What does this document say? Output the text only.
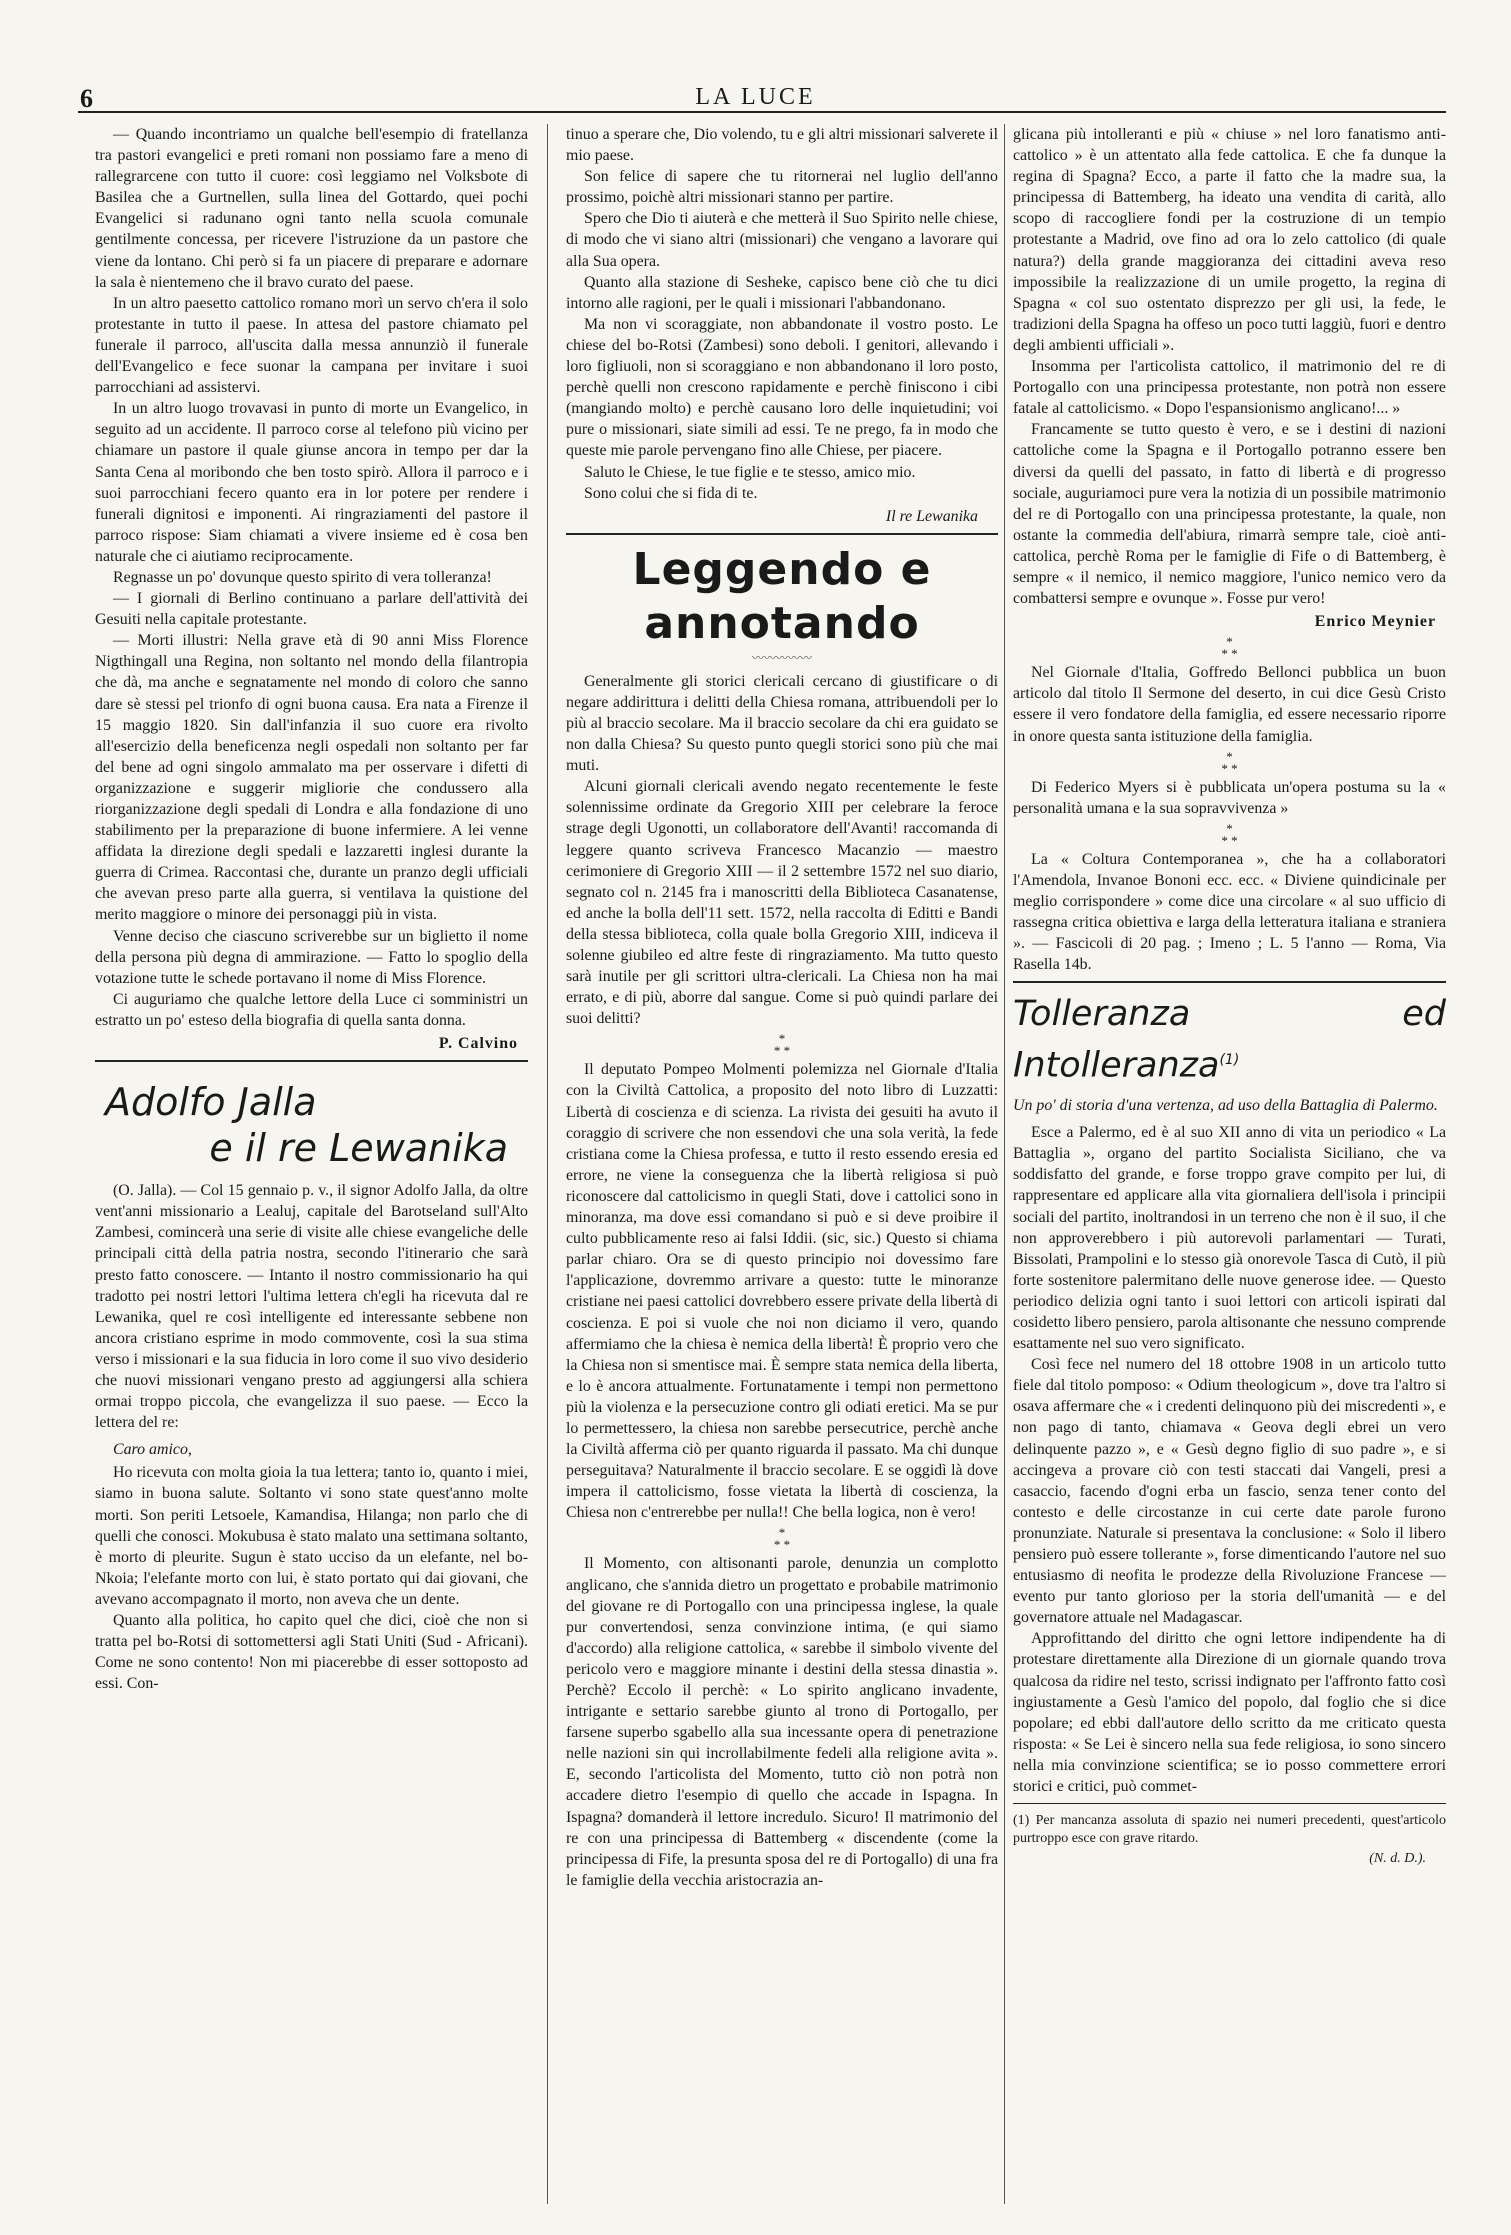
6	LA LUCE

— Quando incontriamo un qualche bell'esempio di fratellanza tra pastori evangelici e preti romani non possiamo fare a meno di rallegrarcene con tutto il cuore: così leggiamo nel Volksbote di Basilea che a Gurtnellen, sulla linea del Gottardo, quei pochi Evangelici si radunano ogni tanto nella scuola comunale gentilmente concessa, per ricevere l'istruzione da un pastore che viene da lontano. Chi però si fa un piacere di preparare e adornare la sala è nientemeno che il bravo curato del paese.

In un altro paesetto cattolico romano morì un servo ch'era il solo protestante in tutto il paese. In attesa del pastore chiamato pel funerale il parroco, all'uscita dalla messa annunziò il funerale dell'Evangelico e fece suonar la campana per invitare i suoi parrocchiani ad assistervi.

In un altro luogo trovavasi in punto di morte un Evangelico, in seguito ad un accidente. Il parroco corse al telefono più vicino per chiamare un pastore il quale giunse ancora in tempo per dar la Santa Cena al moribondo che ben tosto spirò. Allora il parroco e i suoi parrocchiani fecero quanto era in lor potere per rendere i funerali dignitosi e imponenti. Ai ringraziamenti del pastore il parroco rispose: Siam chiamati a vivere insieme ed è cosa ben naturale che ci aiutiamo reciprocamente.

Regnasse un po' dovunque questo spirito di vera tolleranza!

— I giornali di Berlino continuano a parlare dell'attività dei Gesuiti nella capitale protestante.

— Morti illustri: Nella grave età di 90 anni Miss Florence Nigthingall una Regina, non soltanto nel mondo della filantropia che dà, ma anche e segnatamente nel mondo di coloro che sanno dare sè stessi pel trionfo di ogni buona causa. Era nata a Firenze il 15 maggio 1820. Sin dall'infanzia il suo cuore era rivolto all'esercizio della beneficenza negli ospedali non soltanto per far del bene ad ogni singolo ammalato ma per osservare i difetti di organizzazione e suggerir migliorie che condussero alla riorganizzazione degli spedali di Londra e alla fondazione di uno stabilimento per la preparazione di buone infermiere. A lei venne affidata la direzione degli spedali e lazzaretti inglesi durante la guerra di Crimea. Raccontasi che, durante un pranzo degli ufficiali che avevan preso parte alla guerra, si ventilava la quistione del merito maggiore o minore dei personaggi più in vista.

Venne deciso che ciascuno scriverebbe sur un biglietto il nome della persona più degna di ammirazione. — Fatto lo spoglio della votazione tutte le schede portavano il nome di Miss Florence.

Ci auguriamo che qualche lettore della Luce ci somministri un estratto un po' esteso della biografia di quella santa donna.

P. Calvino
Adolfo Jalla
e il re Lewanika

(O. Jalla). — Col 15 gennaio p. v., il signor Adolfo Jalla, da oltre vent'anni missionario a Lealuj, capitale del Barotseland sull'Alto Zambesi, comincerà una serie di visite alle chiese evangeliche delle principali città della patria nostra, secondo l'itinerario che sarà presto fatto conoscere. — Intanto il nostro commissionario ha qui tradotto pei nostri lettori l'ultima lettera ch'egli ha ricevuta dal re Lewanika, quel re così intelligente ed interessante sebbene non ancora cristiano esprime in modo commovente, così la sua stima verso i missionari e la sua fiducia in loro come il suo vivo desiderio che nuovi missionari vengano presto ad aggiungersi alla schiera ormai troppo piccola, che evangelizza il suo paese. — Ecco la lettera del re:

Caro amico,

Ho ricevuta con molta gioia la tua lettera; tanto io, quanto i miei, siamo in buona salute. Soltanto vi sono state quest'anno molte morti. Son periti Letsoele, Kamandisa, Hilanga; non parlo che di quelli che conosci. Mokubusa è stato malato una settimana soltanto, è morto di pleurite. Sugun è stato ucciso da un elefante, nel bo-Nkoia; l'elefante morto con lui, è stato portato qui dai giovani, che avevano accompagnato il morto, non aveva che un dente.

Quanto alla politica, ho capito quel che dici, cioè che non si tratta pel bo-Rotsi di sottomettersi agli Stati Uniti (Sud - Africani). Come ne sono contento! Non mi piacerebbe di esser sottoposto ad essi. Con-

tinuo a sperare che, Dio volendo, tu e gli altri missionari salverete il mio paese.

Son felice di sapere che tu ritornerai nel luglio dell'anno prossimo, poichè altri missionari stanno per partire.

Spero che Dio ti aiuterà e che metterà il Suo Spirito nelle chiese, di modo che vi siano altri (missionari) che vengano a lavorare qui alla Sua opera.

Quanto alla stazione di Sesheke, capisco bene ciò che tu dici intorno alle ragioni, per le quali i missionari l'abbandonano.

Ma non vi scoraggiate, non abbandonate il vostro posto. Le chiese del bo-Rotsi (Zambesi) sono deboli. I genitori, allevando i loro figliuoli, non si scoraggiano e non abbandonano il loro posto, perchè quelli non crescono rapidamente e perchè finiscono i cibi (mangiando molto) e perchè causano loro delle inquietudini; voi pure o missionari, siate simili ad essi. Te ne prego, fa in modo che queste mie parole pervengano fino alle Chiese, per piacere.

Saluto le Chiese, le tue figlie e te stesso, amico mio.

Sono colui che si fida di te.

Il re Lewanika
Leggendo e annotando
〰〰〰〰〰

Generalmente gli storici clericali cercano di giustificare o di negare addirittura i delitti della Chiesa romana, attribuendoli per lo più al braccio secolare. Ma il braccio secolare da chi era guidato se non dalla Chiesa? Su questo punto quegli storici sono più che mai muti.

Alcuni giornali clericali avendo negato recentemente le feste solennissime ordinate da Gregorio XIII per celebrare la feroce strage degli Ugonotti, un collaboratore dell'Avanti! raccomanda di leggere quanto scriveva Francesco Macanzio — maestro cerimoniere di Gregorio XIII — il 2 settembre 1572 nel suo diario, segnato col n. 2145 fra i manoscritti della Biblioteca Casanatense, ed anche la bolla dell'11 sett. 1572, nella raccolta di Editti e Bandi della stessa biblioteca, colla quale bolla Gregorio XIII, indiceva il solenne giubileo ed altre feste di ringraziamento. Ma tutto questo sarà inutile per gli scrittori ultra-clericali. La Chiesa non ha mai errato, e di più, aborre dal sangue. Come si può quindi parlare dei suoi delitti?

*
* *

Il deputato Pompeo Molmenti polemizza nel Giornale d'Italia con la Civiltà Cattolica, a proposito del noto libro di Luzzatti: Libertà di coscienza e di scienza. La rivista dei gesuiti ha avuto il coraggio di scrivere che non essendovi che una sola verità, la fede cristiana come la Chiesa professa, e tutto il resto essendo eresia ed errore, ne viene la conseguenza che la libertà religiosa si può riconoscere dal cattolicismo in quegli Stati, dove i cattolici sono in minoranza, ma dove essi comandano si può e si deve proibire il culto pubblicamente reso ai falsi Iddii. (sic, sic.) Questo si chiama parlar chiaro. Ora se di questo principio noi dovessimo fare l'applicazione, dovremmo arrivare a questo: tutte le minoranze cristiane nei paesi cattolici dovrebbero essere private della libertà di coscienza. E poi si vuole che noi non diciamo il vero, quando affermiamo che la chiesa è nemica della libertà! È proprio vero che la Chiesa non si smentisce mai. È sempre stata nemica della liberta, e lo è ancora attualmente. Fortunatamente i tempi non permettono più la violenza e la persecuzione contro gli odiati eretici. Ma se pur lo permettessero, la chiesa non sarebbe persecutrice, perchè anche la Civiltà afferma ciò per quanto riguarda il passato. Ma chi dunque perseguitava? Naturalmente il braccio secolare. E se oggidì là dove impera il cattolicismo, fosse vietata la libertà di coscienza, la Chiesa non c'entrerebbe per nulla!! Che bella logica, non è vero!

*
* *

Il Momento, con altisonanti parole, denunzia un complotto anglicano, che s'annida dietro un progettato e probabile matrimonio del giovane re di Portogallo con una principessa inglese, la quale pur convertendosi, senza convinzione intima, (e qui siamo d'accordo) alla religione cattolica, « sarebbe il simbolo vivente del pericolo vero e maggiore minante i destini della stessa dinastia ». Perchè? Eccolo il perchè: « Lo spirito anglicano invadente, intrigante e settario sarebbe giunto al trono di Portogallo, per farsene superbo sgabello alla sua incessante opera di penetrazione nelle nazioni sin qui incrollabilmente fedeli alla religione avita ». E, secondo l'articolista del Momento, tutto ciò non potrà non accadere dietro l'esempio di quello che accade in Ispagna. In Ispagna? domanderà il lettore incredulo. Sicuro! Il matrimonio del re con una principessa di Battemberg « discendente (come la principessa di Fife, la presunta sposa del re di Portogallo) di una fra le famiglie della vecchia aristocrazia an-

glicana più intolleranti e più « chiuse » nel loro fanatismo anti-cattolico » è un attentato alla fede cattolica. E che fa dunque la regina di Spagna? Ecco, a parte il fatto che la madre sua, la principessa di Battemberg, ha ideato una vendita di carità, allo scopo di raccogliere fondi per la costruzione di un tempio protestante a Madrid, ove fino ad ora lo zelo cattolico (di quale natura?) della grande maggioranza dei cittadini aveva reso impossibile la realizzazione di un umile progetto, la regina di Spagna « col suo ostentato disprezzo per gli usi, la fede, le tradizioni della Spagna ha offeso un poco tutti laggiù, fuori e dentro degli ambienti ufficiali ».

Insomma per l'articolista cattolico, il matrimonio del re di Portogallo con una principessa protestante, non potrà non essere fatale al cattolicismo. « Dopo l'espansionismo anglicano!... »

Francamente se tutto questo è vero, e se i destini di nazioni cattoliche come la Spagna e il Portogallo potranno essere ben diversi da quelli del passato, in fatto di libertà e di progresso sociale, auguriamoci pure vera la notizia di un possibile matrimonio del re di Portogallo con una principessa protestante, la quale, non ostante la commedia dell'abiura, rimarrà sempre tale, cioè anti-cattolica, perchè Roma per le famiglie di Fife o di Battemberg, è sempre « il nemico, il nemico maggiore, l'unico nemico vero da combattersi sempre e ovunque ». Fosse pur vero!

Enrico Meynier
*
* *

Nel Giornale d'Italia, Goffredo Bellonci pubblica un buon articolo dal titolo Il Sermone del deserto, in cui dice Gesù Cristo essere il vero fondatore della famiglia, ed essere necessario riporre in onore questa santa istituzione della famiglia.

*
* *

Di Federico Myers si è pubblicata un'opera postuma su la « personalità umana e la sua sopravvivenza »

*
* *

La « Coltura Contemporanea », che ha a collaboratori l'Amendola, Invanoe Bononi ecc. ecc. « Diviene quindicinale per meglio corrispondere » come dice una circolare « al suo ufficio di rassegna critica obiettiva e larga della letteratura italiana e straniera ». — Fascicoli di 20 pag. ; Imeno ; L. 5 l'anno — Roma, Via Rasella 14b.

Tolleranza ed Intolleranza$^{(1)}$
Un po' di storia d'una vertenza, ad uso della Battaglia di Palermo.

Esce a Palermo, ed è al suo XII anno di vita un periodico « La Battaglia », organo del partito Socialista Siciliano, che va soddisfatto del grande, e forse troppo grave compito per lui, di rappresentare ed applicare alla vita giornaliera dell'isola i principii sociali del partito, inoltrandosi in un terreno che non è il suo, il che non approverebbero i più autorevoli parlamentari — Turati, Bissolati, Prampolini e lo stesso già onorevole Tasca di Cutò, il più forte sostenitore palermitano delle nuove generose idee. — Questo periodico delizia ogni tanto i suoi lettori con articoli ispirati dal cosidetto libero pensiero, parola altisonante che nessuno comprende esattamente nel suo vero significato.

Così fece nel numero del 18 ottobre 1908 in un articolo tutto fiele dal titolo pomposo: « Odium theologicum », dove tra l'altro si osava affermare che « i credenti delinquono più dei miscredenti », e non pago di tanto, chiamava « Geova degli ebrei un vero delinquente pazzo », e « Gesù degno figlio di suo padre », e si accingeva a provare ciò con testi staccati dai Vangeli, presi a casaccio, facendo d'ogni erba un fascio, senza tener conto del contesto e delle circostanze in cui certe date parole furono pronunziate. Naturale si presentava la conclusione: « Solo il libero pensiero può essere tollerante », forse dimenticando l'autore nel suo entusiasmo di neofita le prodezze della Rivoluzione Francese — evento pur tanto glorioso per la storia dell'umanità — e del governatore attuale nel Madagascar.

Approfittando del diritto che ogni lettore indipendente ha di protestare direttamente alla Direzione di un giornale quando trova qualcosa da ridire nel testo, scrissi indignato per l'affronto fatto così ingiustamente a Gesù l'amico del popolo, dal foglio che si dice popolare; ed ebbi dall'autore dello scritto da me criticato questa risposta: « Se Lei è sincero nella sua fede religiosa, io sono sincero nella mia convinzione scientifica; se io posso commettere errori storici e critici, può commet-

(1) Per mancanza assoluta di spazio nei numeri precedenti, quest'articolo purtroppo esce con grave ritardo.

(N. d. D.).
